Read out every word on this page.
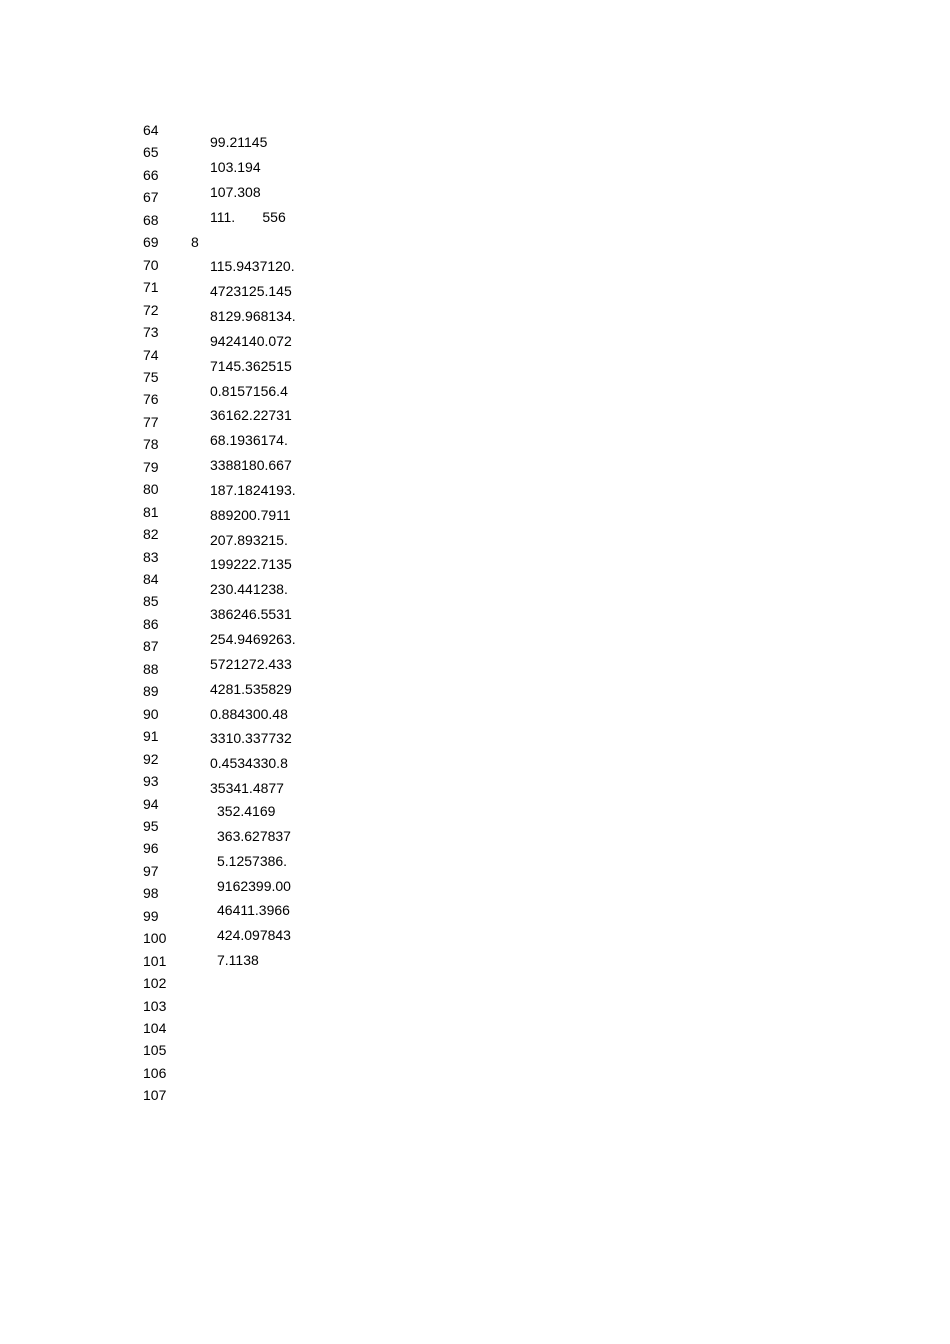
64
65
66
67
68
69
70
71
72
73
74
75
76
77
78
79
80
81
82
83
84
85
86
87
88
89
90
91
92
93
94
95
96
97
98
99
100
101
102
103
104
105
106
107
8
99.21145
103.194
107.308
111.       556
115.9437120.
4723125.145
8129.968134.
9424140.072
7145.362515
0.8157156.4
36162.22731
68.1936174.
3388180.667
187.1824193.
889200.7911
207.893215.
199222.7135
230.441238.
386246.5531
254.9469263.
5721272.433
4281.535829
0.884300.48
3310.337732
0.4534330.8
35341.4877
352.4169
363.627837
5.1257386.
9162399.00
46411.3966
424.097843
7.1138
